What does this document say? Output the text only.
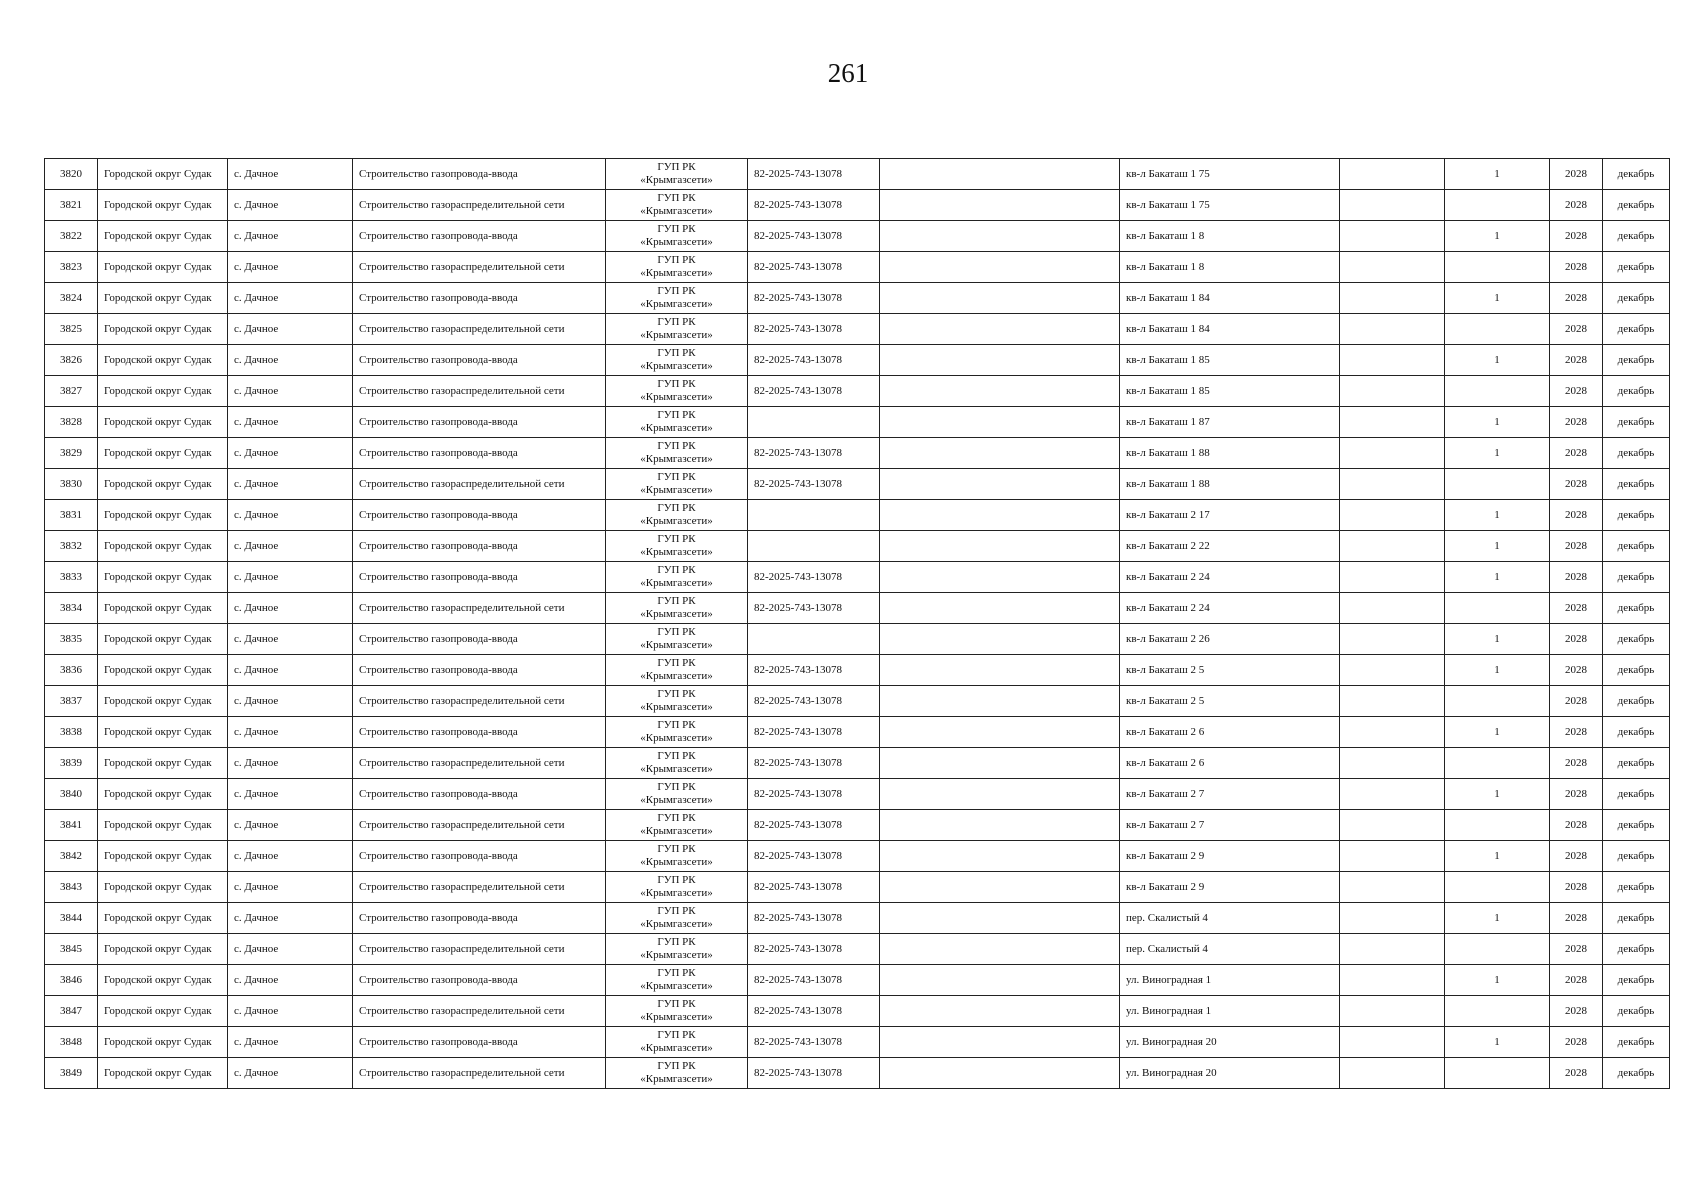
261
3820	Городской округ Судак	с. Дачное	Строительство газопровода-ввода	ГУП РК
«Крымгазсети»	82-2025-743-13078		кв-л Бакаташ 1 75		1	2028	декабрь
3821	Городской округ Судак	с. Дачное	Строительство газораспределительной сети	ГУП РК
«Крымгазсети»	82-2025-743-13078		кв-л Бакаташ 1 75			2028	декабрь
3822	Городской округ Судак	с. Дачное	Строительство газопровода-ввода	ГУП РК
«Крымгазсети»	82-2025-743-13078		кв-л Бакаташ 1 8		1	2028	декабрь
3823	Городской округ Судак	с. Дачное	Строительство газораспределительной сети	ГУП РК
«Крымгазсети»	82-2025-743-13078		кв-л Бакаташ 1 8			2028	декабрь
3824	Городской округ Судак	с. Дачное	Строительство газопровода-ввода	ГУП РК
«Крымгазсети»	82-2025-743-13078		кв-л Бакаташ 1 84		1	2028	декабрь
3825	Городской округ Судак	с. Дачное	Строительство газораспределительной сети	ГУП РК
«Крымгазсети»	82-2025-743-13078		кв-л Бакаташ 1 84			2028	декабрь
3826	Городской округ Судак	с. Дачное	Строительство газопровода-ввода	ГУП РК
«Крымгазсети»	82-2025-743-13078		кв-л Бакаташ 1 85		1	2028	декабрь
3827	Городской округ Судак	с. Дачное	Строительство газораспределительной сети	ГУП РК
«Крымгазсети»	82-2025-743-13078		кв-л Бакаташ 1 85			2028	декабрь
3828	Городской округ Судак	с. Дачное	Строительство газопровода-ввода	ГУП РК
«Крымгазсети»			кв-л Бакаташ 1 87		1	2028	декабрь
3829	Городской округ Судак	с. Дачное	Строительство газопровода-ввода	ГУП РК
«Крымгазсети»	82-2025-743-13078		кв-л Бакаташ 1 88		1	2028	декабрь
3830	Городской округ Судак	с. Дачное	Строительство газораспределительной сети	ГУП РК
«Крымгазсети»	82-2025-743-13078		кв-л Бакаташ 1 88			2028	декабрь
3831	Городской округ Судак	с. Дачное	Строительство газопровода-ввода	ГУП РК
«Крымгазсети»			кв-л Бакаташ 2 17		1	2028	декабрь
3832	Городской округ Судак	с. Дачное	Строительство газопровода-ввода	ГУП РК
«Крымгазсети»			кв-л Бакаташ 2 22		1	2028	декабрь
3833	Городской округ Судак	с. Дачное	Строительство газопровода-ввода	ГУП РК
«Крымгазсети»	82-2025-743-13078		кв-л Бакаташ 2 24		1	2028	декабрь
3834	Городской округ Судак	с. Дачное	Строительство газораспределительной сети	ГУП РК
«Крымгазсети»	82-2025-743-13078		кв-л Бакаташ 2 24			2028	декабрь
3835	Городской округ Судак	с. Дачное	Строительство газопровода-ввода	ГУП РК
«Крымгазсети»			кв-л Бакаташ 2 26		1	2028	декабрь
3836	Городской округ Судак	с. Дачное	Строительство газопровода-ввода	ГУП РК
«Крымгазсети»	82-2025-743-13078		кв-л Бакаташ 2 5		1	2028	декабрь
3837	Городской округ Судак	с. Дачное	Строительство газораспределительной сети	ГУП РК
«Крымгазсети»	82-2025-743-13078		кв-л Бакаташ 2 5			2028	декабрь
3838	Городской округ Судак	с. Дачное	Строительство газопровода-ввода	ГУП РК
«Крымгазсети»	82-2025-743-13078		кв-л Бакаташ 2 6		1	2028	декабрь
3839	Городской округ Судак	с. Дачное	Строительство газораспределительной сети	ГУП РК
«Крымгазсети»	82-2025-743-13078		кв-л Бакаташ 2 6			2028	декабрь
3840	Городской округ Судак	с. Дачное	Строительство газопровода-ввода	ГУП РК
«Крымгазсети»	82-2025-743-13078		кв-л Бакаташ 2 7		1	2028	декабрь
3841	Городской округ Судак	с. Дачное	Строительство газораспределительной сети	ГУП РК
«Крымгазсети»	82-2025-743-13078		кв-л Бакаташ 2 7			2028	декабрь
3842	Городской округ Судак	с. Дачное	Строительство газопровода-ввода	ГУП РК
«Крымгазсети»	82-2025-743-13078		кв-л Бакаташ 2 9		1	2028	декабрь
3843	Городской округ Судак	с. Дачное	Строительство газораспределительной сети	ГУП РК
«Крымгазсети»	82-2025-743-13078		кв-л Бакаташ 2 9			2028	декабрь
3844	Городской округ Судак	с. Дачное	Строительство газопровода-ввода	ГУП РК
«Крымгазсети»	82-2025-743-13078		пер. Скалистый 4		1	2028	декабрь
3845	Городской округ Судак	с. Дачное	Строительство газораспределительной сети	ГУП РК
«Крымгазсети»	82-2025-743-13078		пер. Скалистый 4			2028	декабрь
3846	Городской округ Судак	с. Дачное	Строительство газопровода-ввода	ГУП РК
«Крымгазсети»	82-2025-743-13078		ул. Виноградная 1		1	2028	декабрь
3847	Городской округ Судак	с. Дачное	Строительство газораспределительной сети	ГУП РК
«Крымгазсети»	82-2025-743-13078		ул. Виноградная 1			2028	декабрь
3848	Городской округ Судак	с. Дачное	Строительство газопровода-ввода	ГУП РК
«Крымгазсети»	82-2025-743-13078		ул. Виноградная 20		1	2028	декабрь
3849	Городской округ Судак	с. Дачное	Строительство газораспределительной сети	ГУП РК
«Крымгазсети»	82-2025-743-13078		ул. Виноградная 20			2028	декабрь
